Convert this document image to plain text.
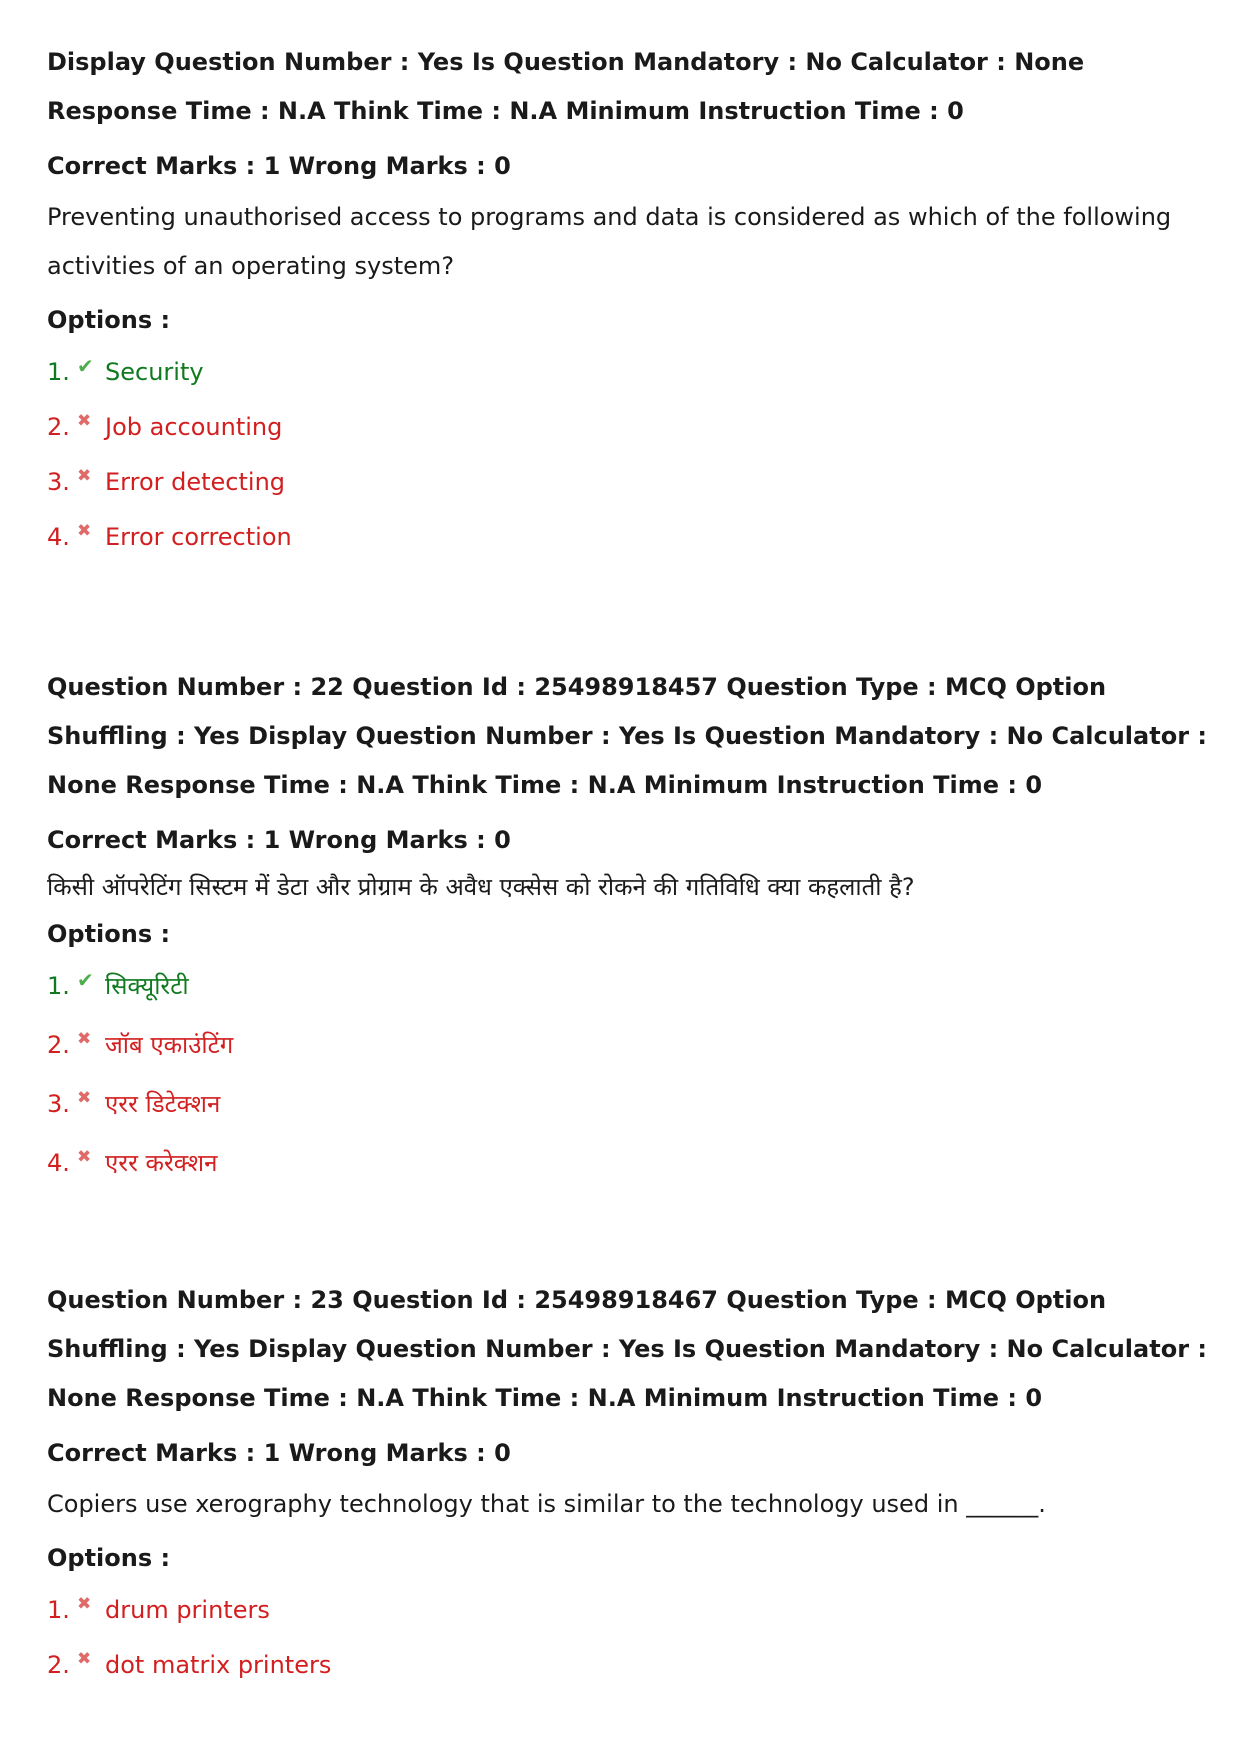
Display Question Number : Yes Is Question Mandatory : No Calculator : None Response Time : N.A Think Time : N.A Minimum Instruction Time : 0

Correct Marks : 1 Wrong Marks : 0

Preventing unauthorised access to programs and data is considered as which of the following activities of an operating system?

Options :

1. ✔ Security
2. ✖ Job accounting
3. ✖ Error detecting
4. ✖ Error correction

Question Number : 22 Question Id : 25498918457 Question Type : MCQ Option Shuffling : Yes Display Question Number : Yes Is Question Mandatory : No Calculator : None Response Time : N.A Think Time : N.A Minimum Instruction Time : 0

Correct Marks : 1 Wrong Marks : 0

किसी ऑपरेटिंग सिस्टम में डेटा और प्रोग्राम के अवैध एक्सेस को रोकने की गतिविधि क्या कहलाती है?

Options :

1. ✔ सिक्यूरिटी
2. ✖ जॉब एकाउंटिंग
3. ✖ एरर डिटेक्शन
4. ✖ एरर करेक्शन

Question Number : 23 Question Id : 25498918467 Question Type : MCQ Option Shuffling : Yes Display Question Number : Yes Is Question Mandatory : No Calculator : None Response Time : N.A Think Time : N.A Minimum Instruction Time : 0

Correct Marks : 1 Wrong Marks : 0

Copiers use xerography technology that is similar to the technology used in ______.

Options :

1. ✖ drum printers
2. ✖ dot matrix printers
